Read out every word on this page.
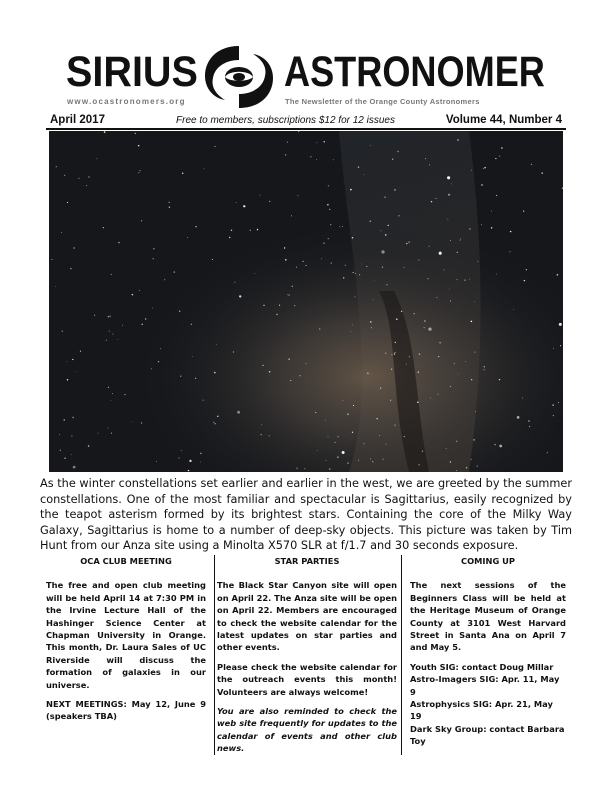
SIRIUS ASTRONOMER
www.ocastronomers.org	The Newsletter of the Orange County Astronomers
April 2017	Free to members, subscriptions $12 for 12 issues	Volume 44, Number 4
As the winter constellations set earlier and earlier in the west, we are greeted by the summer constellations. One of the most familiar and spectacular is Sagittarius, easily recognized by the teapot asterism formed by its brightest stars. Containing the core of the Milky Way Galaxy, Sagittarius is home to a number of deep-sky objects. This picture was taken by Tim Hunt from our Anza site using a Minolta X570 SLR at f/1.7 and 30 seconds exposure.
OCA CLUB MEETING

The free and open club meeting will be held April 14 at 7:30 PM in the Irvine Lecture Hall of the Hashinger Science Center at Chapman University in Orange. This month, Dr. Laura Sales of UC Riverside will discuss the formation of galaxies in our universe.

NEXT MEETINGS: May 12, June 9 (speakers TBA)

STAR PARTIES

The Black Star Canyon site will open on April 22. The Anza site will be open on April 22. Members are encouraged to check the website calendar for the latest updates on star parties and other events.

Please check the website calendar for the outreach events this month! Volunteers are always welcome!

You are also reminded to check the web site frequently for updates to the calendar of events and other club news.

COMING UP

The next sessions of the Beginners Class will be held at the Heritage Museum of Orange County at 3101 West Harvard Street in Santa Ana on April 7 and May 5.

Youth SIG: contact Doug Millar
Astro-Imagers SIG: Apr. 11, May 9
Astrophysics SIG: Apr. 21, May 19
Dark Sky Group: contact Barbara Toy
